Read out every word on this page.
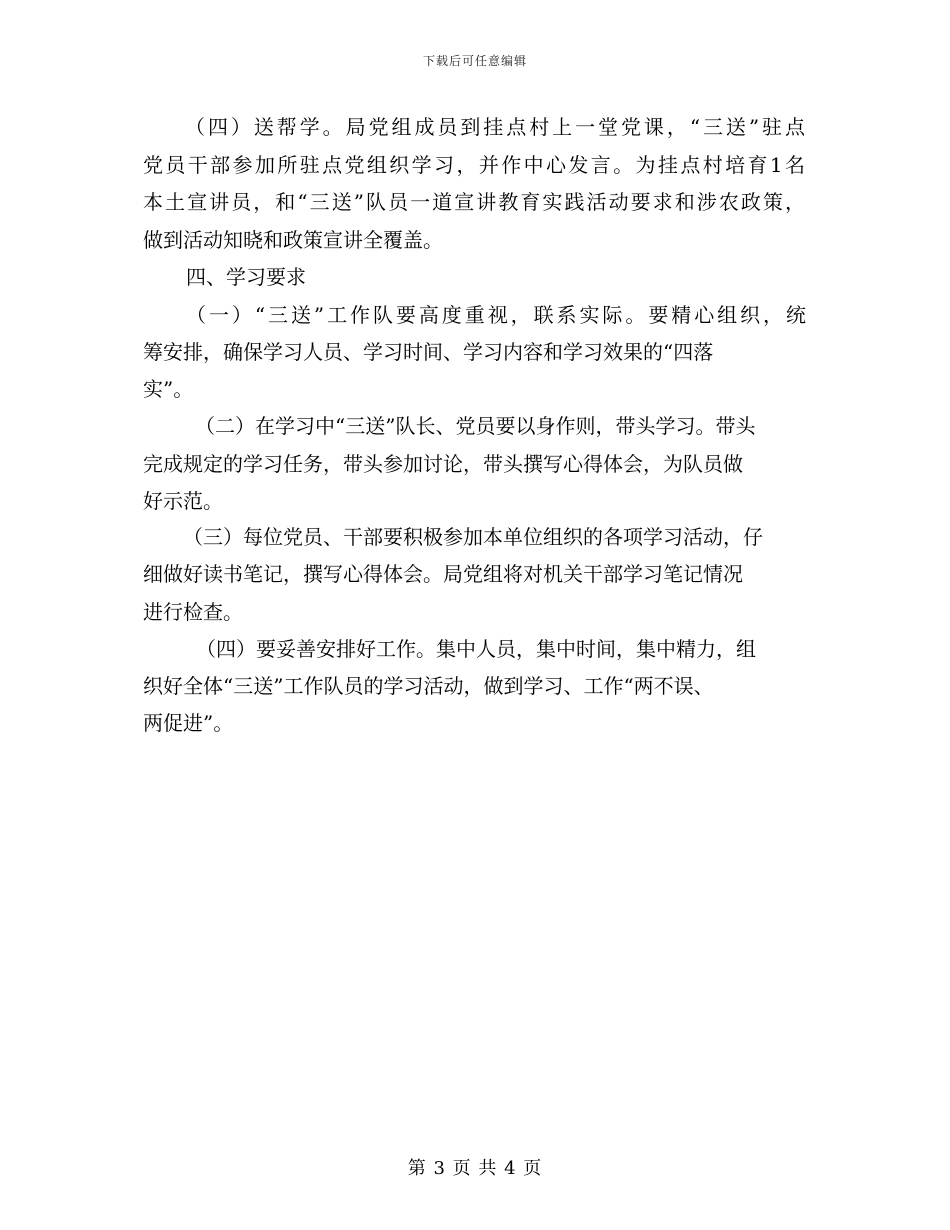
下载后可任意编辑
（四）送帮学。局党组成员到挂点村上一堂党课，“三送”驻点
党员干部参加所驻点党组织学习，并作中心发言。为挂点村培育1名
本土宣讲员，和“三送”队员一道宣讲教育实践活动要求和涉农政策，
做到活动知晓和政策宣讲全覆盖。
四、学习要求
（一）“三送”工作队要高度重视，联系实际。要精心组织，统
筹安排，确保学习人员、学习时间、学习内容和学习效果的“四落
实”。
（二）在学习中“三送”队长、党员要以身作则，带头学习。带头
完成规定的学习任务，带头参加讨论，带头撰写心得体会，为队员做
好示范。
（三）每位党员、干部要积极参加本单位组织的各项学习活动，仔
细做好读书笔记，撰写心得体会。局党组将对机关干部学习笔记情况
进行检查。
（四）要妥善安排好工作。集中人员，集中时间，集中精力，组
织好全体“三送”工作队员的学习活动，做到学习、工作“两不误、
两促进”。
第 3 页 共 4 页
